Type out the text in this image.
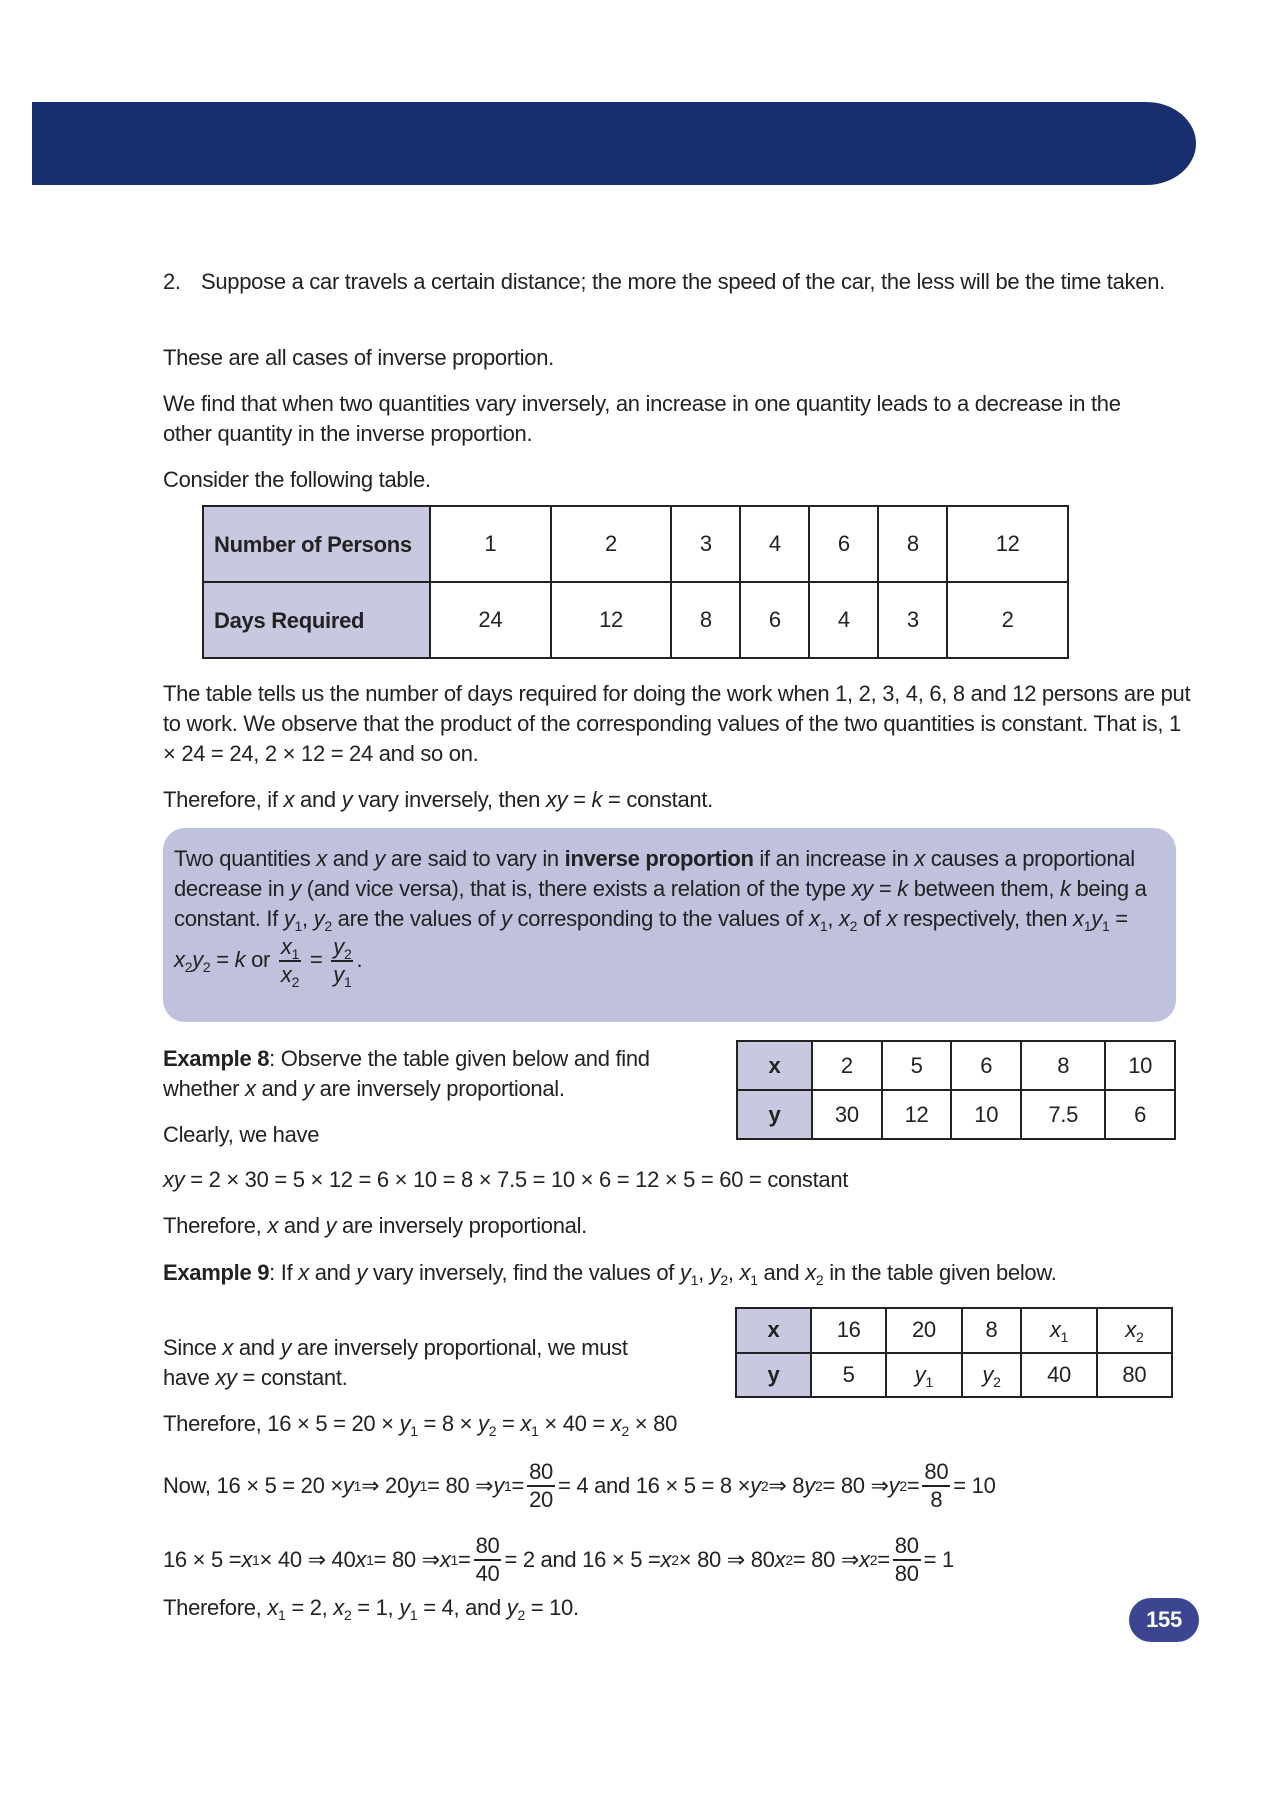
2. Suppose a car travels a certain distance; the more the speed of the car, the less will be the time taken.
These are all cases of inverse proportion.
We find that when two quantities vary inversely, an increase in one quantity leads to a decrease in the other quantity in the inverse proportion.
Consider the following table.
Number of Persons	1	2	3	4	6	8	12
Days Required	24	12	8	6	4	3	2
The table tells us the number of days required for doing the work when 1, 2, 3, 4, 6, 8 and 12 persons are put to work. We observe that the product of the corresponding values of the two quantities is constant. That is, 1 × 24 = 24, 2 × 12 = 24 and so on.
Therefore, if x and y vary inversely, then xy = k = constant.
Two quantities x and y are said to vary in inverse proportion if an increase in x causes a proportional decrease in y (and vice versa), that is, there exists a relation of the type xy = k between them, k being a constant. If $y_1$, $y_2$ are the values of y corresponding to the values of $x_1$, $x_2$ of x respectively, then $x_1y_1 = x_2y_2 = k$ or $\frac{x_1}{x_2} = \frac{y_2}{y_1}$ .
Example 8: Observe the table given below and find whether x and y are inversely proportional.
Clearly, we have
x	2	5	6	8	10
y	30	12	10	7.5	6
xy = 2 × 30 = 5 × 12 = 6 × 10 = 8 × 7.5 = 10 × 6 = 12 × 5 = 60 = constant
Therefore, x and y are inversely proportional.
Example 9: If x and y vary inversely, find the values of $y_1$, $y_2$, $x_1$ and $x_2$ in the table given below.
Since x and y are inversely proportional, we must have xy = constant.
x	16	20	8	$x_1$	$x_2$
y	5	$y_1$	$y_2$	40	80
Therefore, $16 \times 5 = 20 \times y_1 = 8 \times y_2 = x_1 \times 40 = x_2 \times 80$
Now, 16 × 5 = 20 × y 1 ⇒ 20 y 1 = 80 ⇒ y $1 = \frac{80}{20} = 4$ and 16 × 5 = 8 × y 2 ⇒ 8 y 2 = 80 ⇒ y $2 = \frac{80}{8} = 10$
16 × 5 = x 1 × 40 ⇒ 40 x 1 = 80 ⇒ x $1 = \frac{80}{40} = 2$ and 16 × 5 = x 2 × 80 ⇒ 80 x 2 = 80 ⇒ x $2 = \frac{80}{80} = 1$
Therefore, $x_1 = 2$, $x_2 = 1$, $y_1 = 4$, and $y_2 = 10$.	155
